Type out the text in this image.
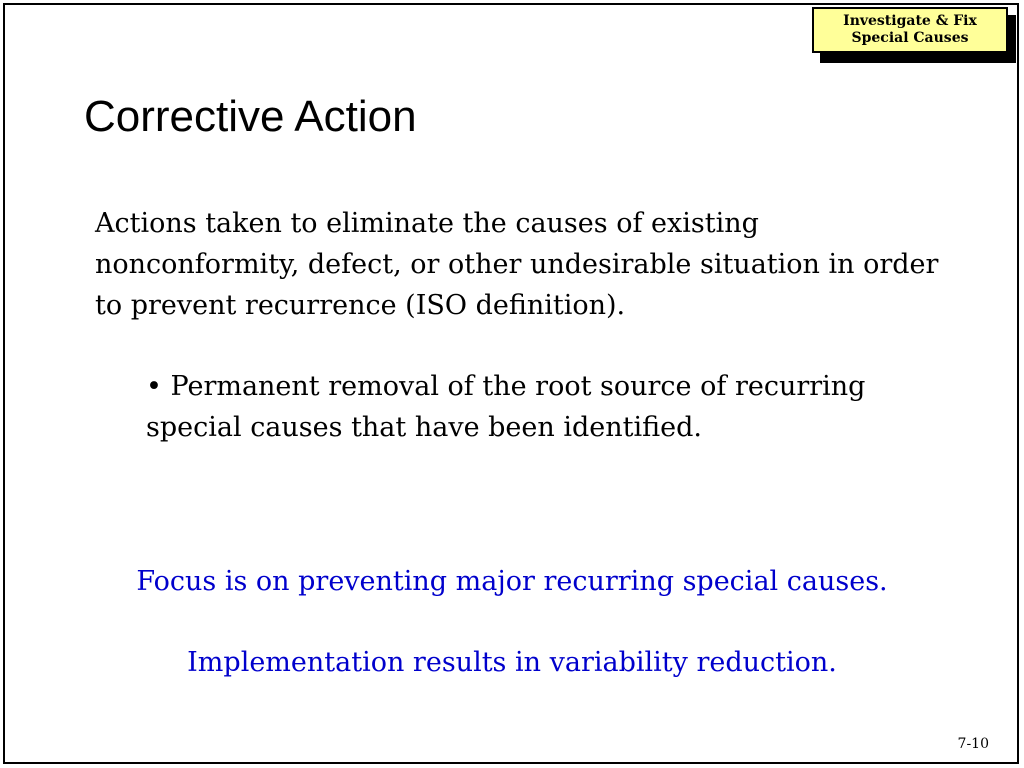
Investigate & Fix
Special Causes
Corrective Action
Actions taken to eliminate the causes of existing nonconformity, defect, or other undesirable situation in order to prevent recurrence (ISO definition).
• Permanent removal of the root source of recurring special causes that have been identified.
Focus is on preventing major recurring special causes.
Implementation results in variability reduction.
7-10
